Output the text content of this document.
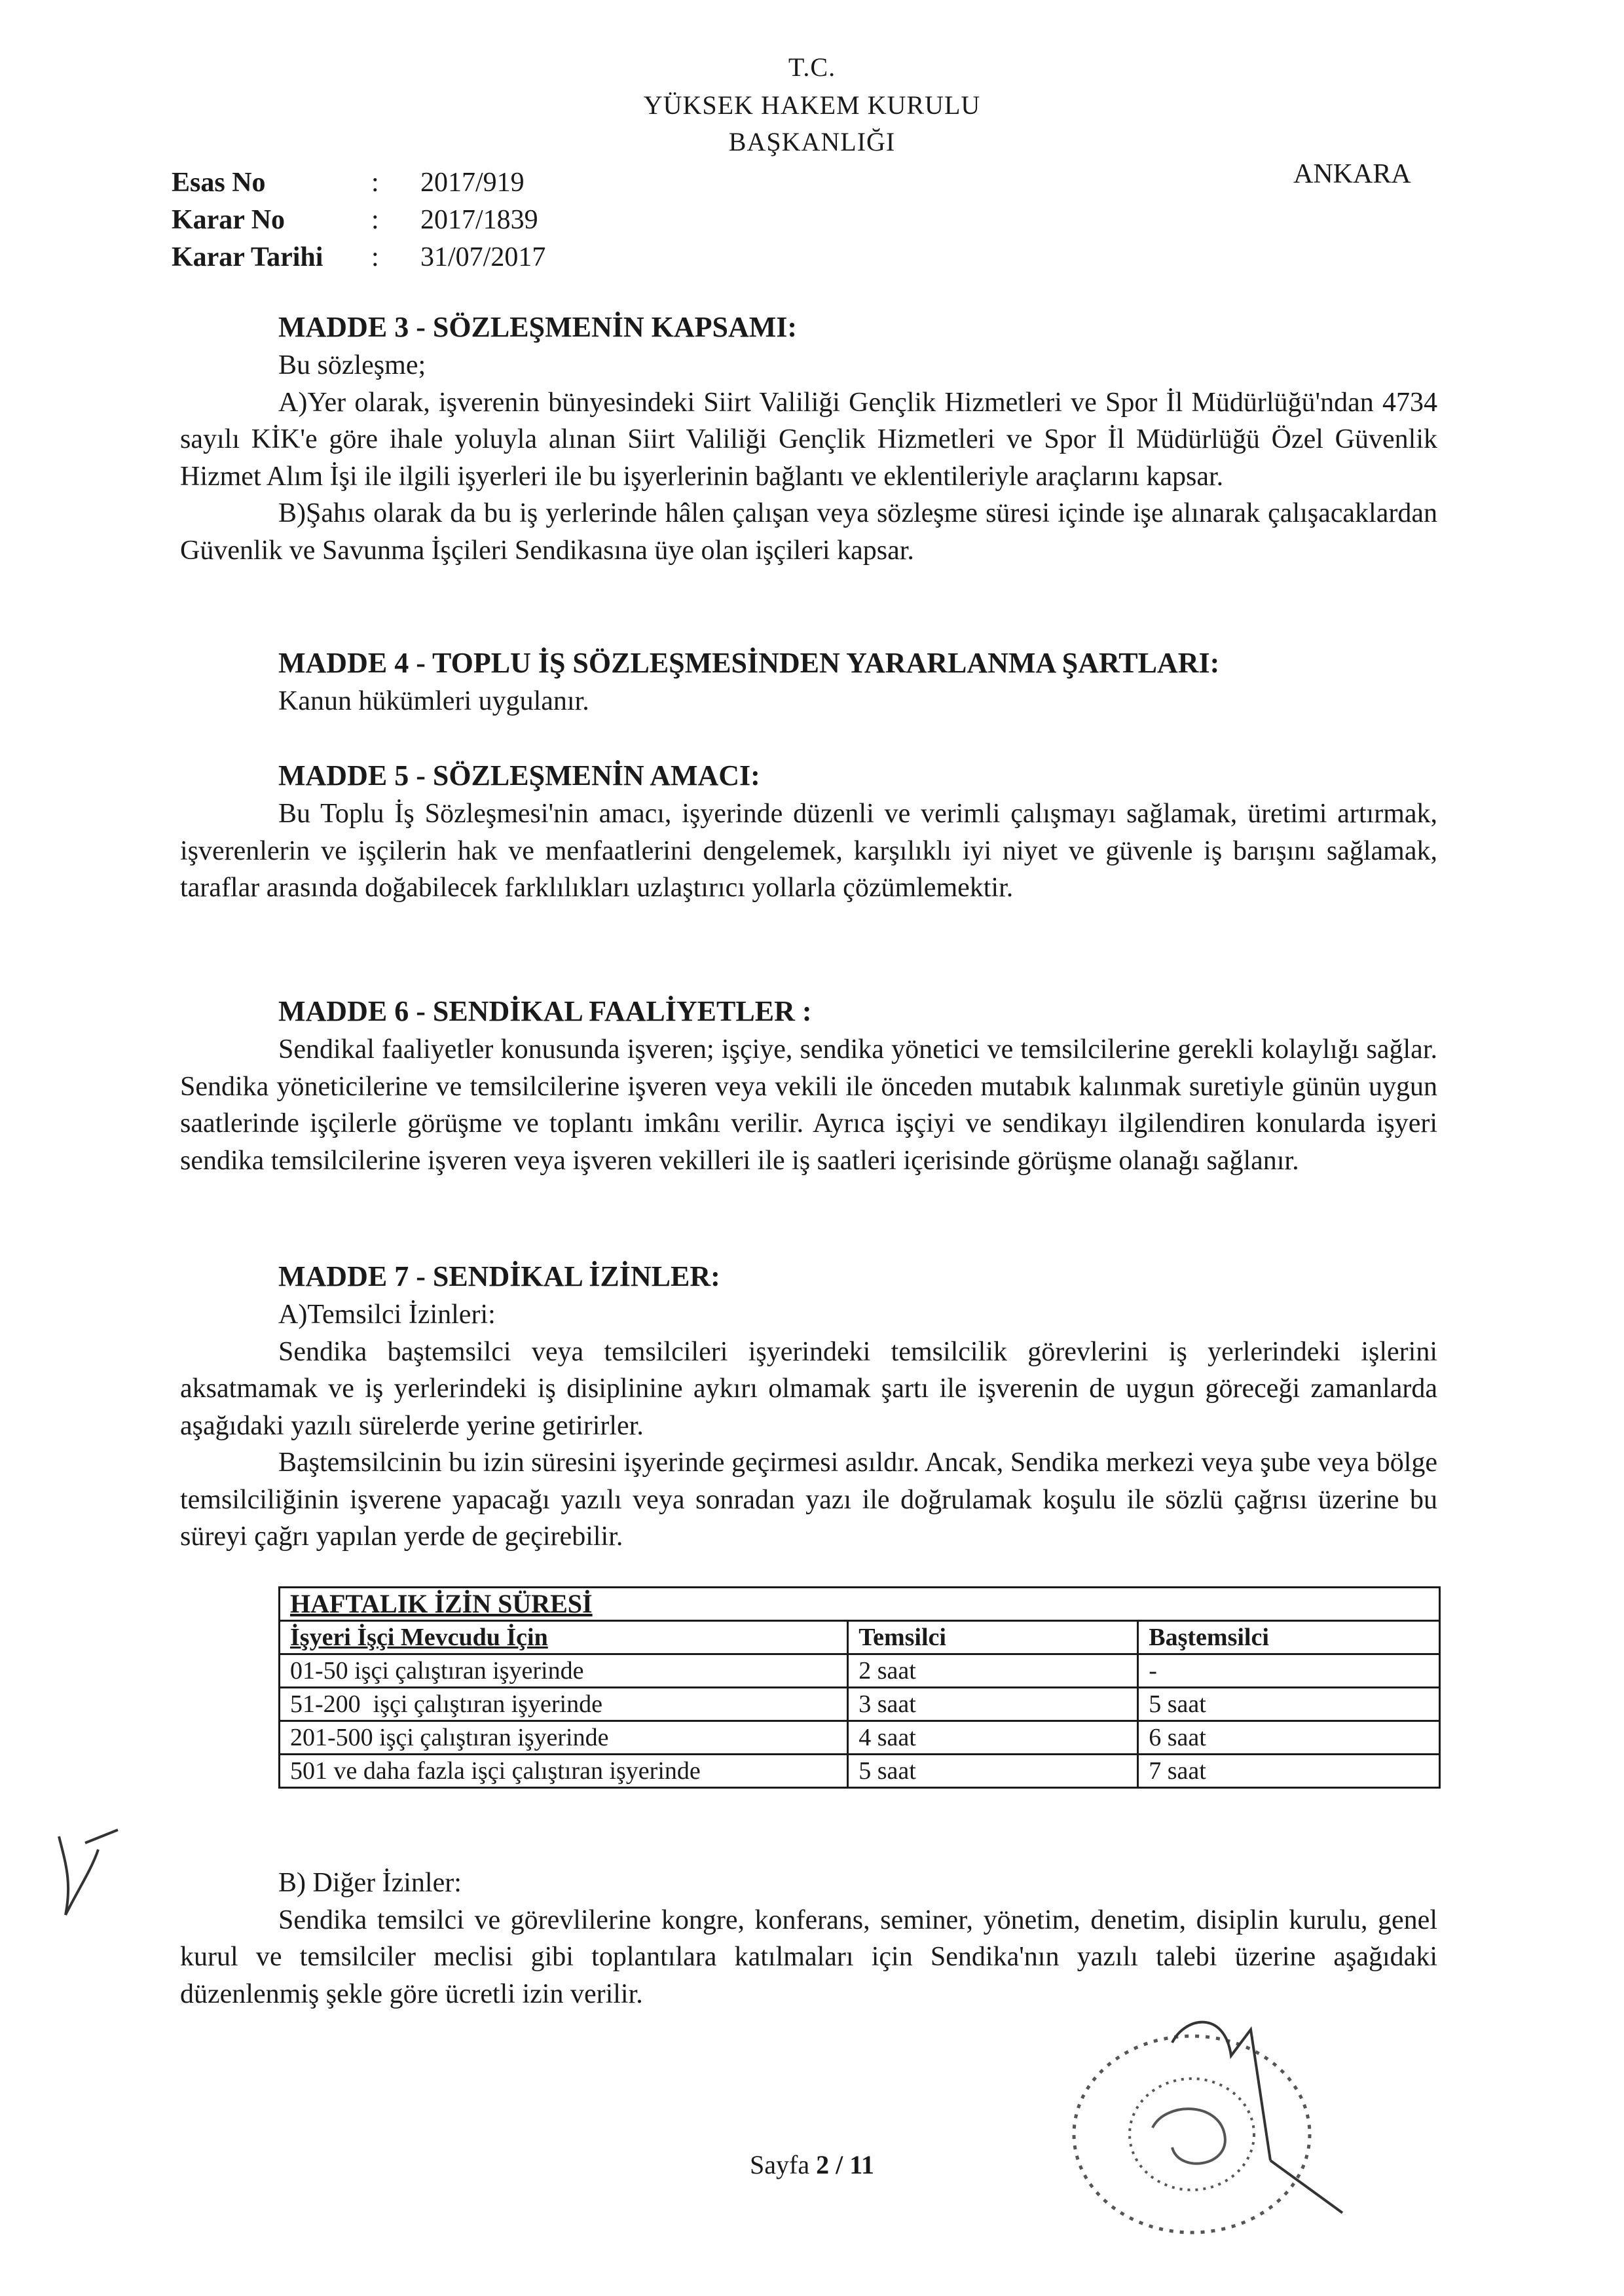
T.C.
YÜKSEK HAKEM KURULU
BAŞKANLIĞI
ANKARA
Esas No	: 2017/919
Karar No	: 2017/1839
Karar Tarihi : 31/07/2017
MADDE 3 - SÖZLEŞMENİN KAPSAMI:
Bu sözleşme;
A)Yer olarak, işverenin bünyesindeki Siirt Valiliği Gençlik Hizmetleri ve Spor İl Müdürlüğü'ndan 4734 sayılı KİK'e göre ihale yoluyla alınan Siirt Valiliği Gençlik Hizmetleri ve Spor İl Müdürlüğü Özel Güvenlik Hizmet Alım İşi ile ilgili işyerleri ile bu işyerlerinin bağlantı ve eklentileriyle araçlarını kapsar.
B)Şahıs olarak da bu iş yerlerinde hâlen çalışan veya sözleşme süresi içinde işe alınarak çalışacaklardan Güvenlik ve Savunma İşçileri Sendikasına üye olan işçileri kapsar.
MADDE 4 - TOPLU İŞ SÖZLEŞMESİNDEN YARARLANMA ŞARTLARI:
Kanun hükümleri uygulanır.
MADDE 5 - SÖZLEŞMENİN AMACI:
Bu Toplu İş Sözleşmesi'nin amacı, işyerinde düzenli ve verimli çalışmayı sağlamak, üretimi artırmak, işverenlerin ve işçilerin hak ve menfaatlerini dengelemek, karşılıklı iyi niyet ve güvenle iş barışını sağlamak, taraflar arasında doğabilecek farklılıkları uzlaştırıcı yollarla çözümlemektir.
MADDE 6 - SENDİKAL FAALİYETLER :
Sendikal faaliyetler konusunda işveren; işçiye, sendika yönetici ve temsilcilerine gerekli kolaylığı sağlar. Sendika yöneticilerine ve temsilcilerine işveren veya vekili ile önceden mutabık kalınmak suretiyle günün uygun saatlerinde işçilerle görüşme ve toplantı imkânı verilir. Ayrıca işçiyi ve sendikayı ilgilendiren konularda işyeri sendika temsilcilerine işveren veya işveren vekilleri ile iş saatleri içerisinde görüşme olanağı sağlanır.
MADDE 7 - SENDİKAL İZİNLER:
A)Temsilci İzinleri:
Sendika baştemsilci veya temsilcileri işyerindeki temsilcilik görevlerini iş yerlerindeki işlerini aksatmamak ve iş yerlerindeki iş disiplinine aykırı olmamak şartı ile işverenin de uygun göreceği zamanlarda aşağıdaki yazılı sürelerde yerine getirirler.
Baştemsilcinin bu izin süresini işyerinde geçirmesi asıldır. Ancak, Sendika merkezi veya şube veya bölge temsilciliğinin işverene yapacağı yazılı veya sonradan yazı ile doğrulamak koşulu ile sözlü çağrısı üzerine bu süreyi çağrı yapılan yerde de geçirebilir.
HAFTALIK İZİN SÜRESİ		
İşyeri İşçi Mevcudu İçin	Temsilci	Baştemsilci
01-50 işçi çalıştıran işyerinde	2 saat	-
51-200  işçi çalıştıran işyerinde	3 saat	5 saat
201-500 işçi çalıştıran işyerinde	4 saat	6 saat
501 ve daha fazla işçi çalıştıran işyerinde	5 saat	7 saat
B) Diğer İzinler:
Sendika temsilci ve görevlilerine kongre, konferans, seminer, yönetim, denetim, disiplin kurulu, genel kurul ve temsilciler meclisi gibi toplantılara katılmaları için Sendika'nın yazılı talebi üzerine aşağıdaki düzenlenmiş şekle göre ücretli izin verilir.
Sayfa 2 / 11
